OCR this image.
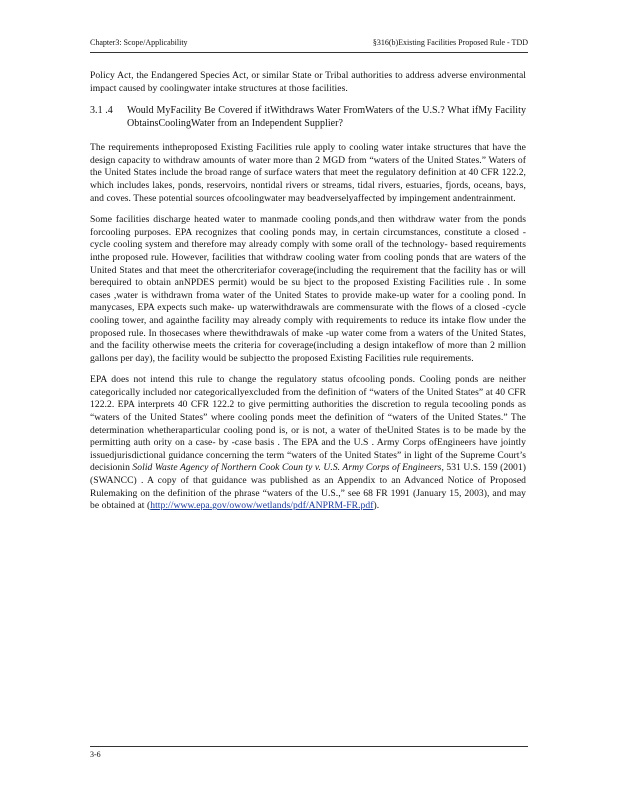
Chapter3: Scope/Applicability	§316(b)Existing Facilities Proposed Rule - TDD

Policy Act, the Endangered Species Act, or similar State or Tribal authorities to address adverse environmental impact caused by coolingwater intake structures at those facilities.

3.1 .4	Would MyFacility Be Covered if itWithdraws Water FromWaters of the U.S.? What ifMy Facility ObtainsCoolingWater from an Independent Supplier?

The requirements intheproposed Existing Facilities rule apply to cooling water intake structures that have the design capacity to withdraw amounts of water more than 2 MGD from “waters of the United States.” Waters of the United States include the broad range of surface waters that meet the regulatory definition at 40 CFR 122.2, which includes lakes, ponds, reservoirs, nontidal rivers or streams, tidal rivers, estuaries, fjords, oceans, bays, and coves. These potential sources ofcoolingwater may beadverselyaffected by impingement andentrainment.

Some facilities discharge heated water to manmade cooling ponds,and then withdraw water from the ponds forcooling purposes. EPA recognizes that cooling ponds may, in certain circumstances, constitute a closed -cycle cooling system and therefore may already comply with some orall of the technology- based requirements inthe proposed rule. However, facilities that withdraw cooling water from cooling ponds that are waters of the United States and that meet the othercriteriafor coverage(including the requirement that the facility has or will berequired to obtain anNPDES permit) would be su bject to the proposed Existing Facilities rule . In some cases ,water is withdrawn froma water of the United States to provide make-up water for a cooling pond. In manycases, EPA expects such make- up waterwithdrawals are commensurate with the flows of a closed -cycle cooling tower, and againthe facility may already comply with requirements to reduce its intake flow under the proposed rule. In thosecases where thewithdrawals of make -up water come from a waters of the United States, and the facility otherwise meets the criteria for coverage(including a design intakeflow of more than 2 million gallons per day), the facility would be subjectto the proposed Existing Facilities rule requirements.

EPA does not intend this rule to change the regulatory status ofcooling ponds. Cooling ponds are neither categorically included nor categoricallyexcluded from the definition of “waters of the United States” at 40 CFR 122.2. EPA interprets 40 CFR 122.2 to give permitting authorities the discretion to regula tecooling ponds as “waters of the United States” where cooling ponds meet the definition of “waters of the United States.” The determination whetheraparticular cooling pond is, or is not, a water of theUnited States is to be made by the permitting auth ority on a case- by -case basis . The EPA and the U.S . Army Corps ofEngineers have jointly issuedjurisdictional guidance concerning the term “waters of the United States” in light of the Supreme Court’s decisionin Solid Waste Agency of Northern Cook Coun ty v. U.S. Army Corps of Engineers, 531 U.S. 159 (2001) (SWANCC) . A copy of that guidance was published as an Appendix to an Advanced Notice of Proposed Rulemaking on the definition of the phrase “waters of the U.S.,” see 68 FR 1991 (January 15, 2003), and may be obtained at (http://www.epa.gov/owow/wetlands/pdf/ANPRM-FR.pdf).

3-6
